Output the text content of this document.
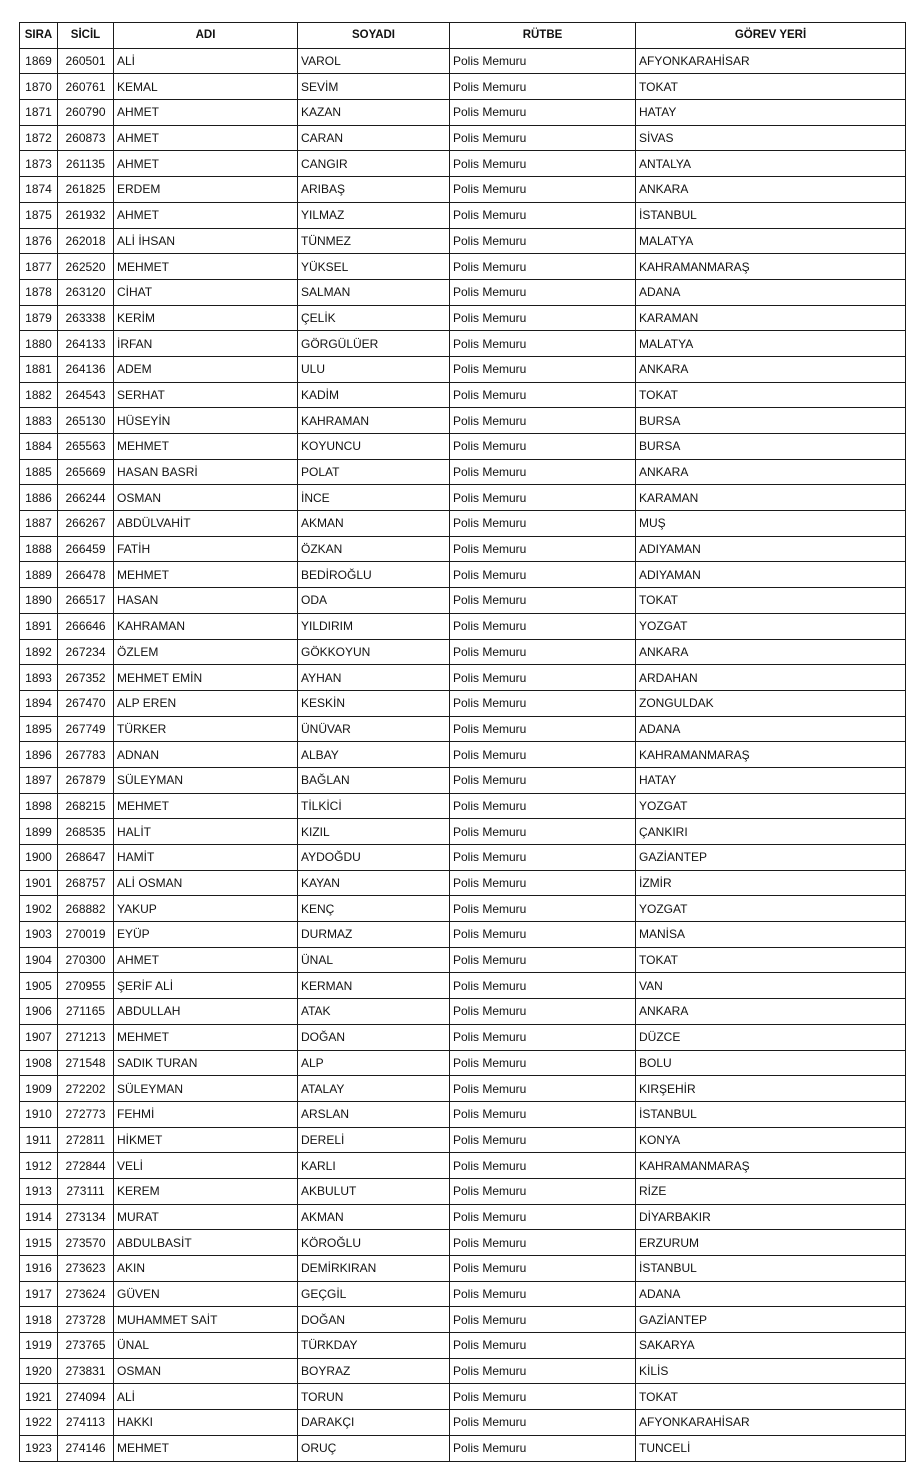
SIRA	SİCİL	ADI	SOYADI	RÜTBE	GÖREV YERİ
1869	260501	ALİ	VAROL	Polis Memuru	AFYONKARAHİSAR
1870	260761	KEMAL	SEVİM	Polis Memuru	TOKAT
1871	260790	AHMET	KAZAN	Polis Memuru	HATAY
1872	260873	AHMET	CARAN	Polis Memuru	SİVAS
1873	261135	AHMET	CANGIR	Polis Memuru	ANTALYA
1874	261825	ERDEM	ARIBAŞ	Polis Memuru	ANKARA
1875	261932	AHMET	YILMAZ	Polis Memuru	İSTANBUL
1876	262018	ALİ İHSAN	TÜNMEZ	Polis Memuru	MALATYA
1877	262520	MEHMET	YÜKSEL	Polis Memuru	KAHRAMANMARAŞ
1878	263120	CİHAT	SALMAN	Polis Memuru	ADANA
1879	263338	KERİM	ÇELİK	Polis Memuru	KARAMAN
1880	264133	İRFAN	GÖRGÜLÜER	Polis Memuru	MALATYA
1881	264136	ADEM	ULU	Polis Memuru	ANKARA
1882	264543	SERHAT	KADİM	Polis Memuru	TOKAT
1883	265130	HÜSEYİN	KAHRAMAN	Polis Memuru	BURSA
1884	265563	MEHMET	KOYUNCU	Polis Memuru	BURSA
1885	265669	HASAN BASRİ	POLAT	Polis Memuru	ANKARA
1886	266244	OSMAN	İNCE	Polis Memuru	KARAMAN
1887	266267	ABDÜLVAHİT	AKMAN	Polis Memuru	MUŞ
1888	266459	FATİH	ÖZKAN	Polis Memuru	ADIYAMAN
1889	266478	MEHMET	BEDİROĞLU	Polis Memuru	ADIYAMAN
1890	266517	HASAN	ODA	Polis Memuru	TOKAT
1891	266646	KAHRAMAN	YILDIRIM	Polis Memuru	YOZGAT
1892	267234	ÖZLEM	GÖKKOYUN	Polis Memuru	ANKARA
1893	267352	MEHMET EMİN	AYHAN	Polis Memuru	ARDAHAN
1894	267470	ALP EREN	KESKİN	Polis Memuru	ZONGULDAK
1895	267749	TÜRKER	ÜNÜVAR	Polis Memuru	ADANA
1896	267783	ADNAN	ALBAY	Polis Memuru	KAHRAMANMARAŞ
1897	267879	SÜLEYMAN	BAĞLAN	Polis Memuru	HATAY
1898	268215	MEHMET	TİLKİCİ	Polis Memuru	YOZGAT
1899	268535	HALİT	KIZIL	Polis Memuru	ÇANKIRI
1900	268647	HAMİT	AYDOĞDU	Polis Memuru	GAZİANTEP
1901	268757	ALİ OSMAN	KAYAN	Polis Memuru	İZMİR
1902	268882	YAKUP	KENÇ	Polis Memuru	YOZGAT
1903	270019	EYÜP	DURMAZ	Polis Memuru	MANİSA
1904	270300	AHMET	ÜNAL	Polis Memuru	TOKAT
1905	270955	ŞERİF ALİ	KERMAN	Polis Memuru	VAN
1906	271165	ABDULLAH	ATAK	Polis Memuru	ANKARA
1907	271213	MEHMET	DOĞAN	Polis Memuru	DÜZCE
1908	271548	SADIK TURAN	ALP	Polis Memuru	BOLU
1909	272202	SÜLEYMAN	ATALAY	Polis Memuru	KIRŞEHİR
1910	272773	FEHMİ	ARSLAN	Polis Memuru	İSTANBUL
1911	272811	HİKMET	DERELİ	Polis Memuru	KONYA
1912	272844	VELİ	KARLI	Polis Memuru	KAHRAMANMARAŞ
1913	273111	KEREM	AKBULUT	Polis Memuru	RİZE
1914	273134	MURAT	AKMAN	Polis Memuru	DİYARBAKIR
1915	273570	ABDULBASİT	KÖROĞLU	Polis Memuru	ERZURUM
1916	273623	AKIN	DEMİRKIRAN	Polis Memuru	İSTANBUL
1917	273624	GÜVEN	GEÇGİL	Polis Memuru	ADANA
1918	273728	MUHAMMET SAİT	DOĞAN	Polis Memuru	GAZİANTEP
1919	273765	ÜNAL	TÜRKDAY	Polis Memuru	SAKARYA
1920	273831	OSMAN	BOYRAZ	Polis Memuru	KİLİS
1921	274094	ALİ	TORUN	Polis Memuru	TOKAT
1922	274113	HAKKI	DARAKÇI	Polis Memuru	AFYONKARAHİSAR
1923	274146	MEHMET	ORUÇ	Polis Memuru	TUNCELİ
